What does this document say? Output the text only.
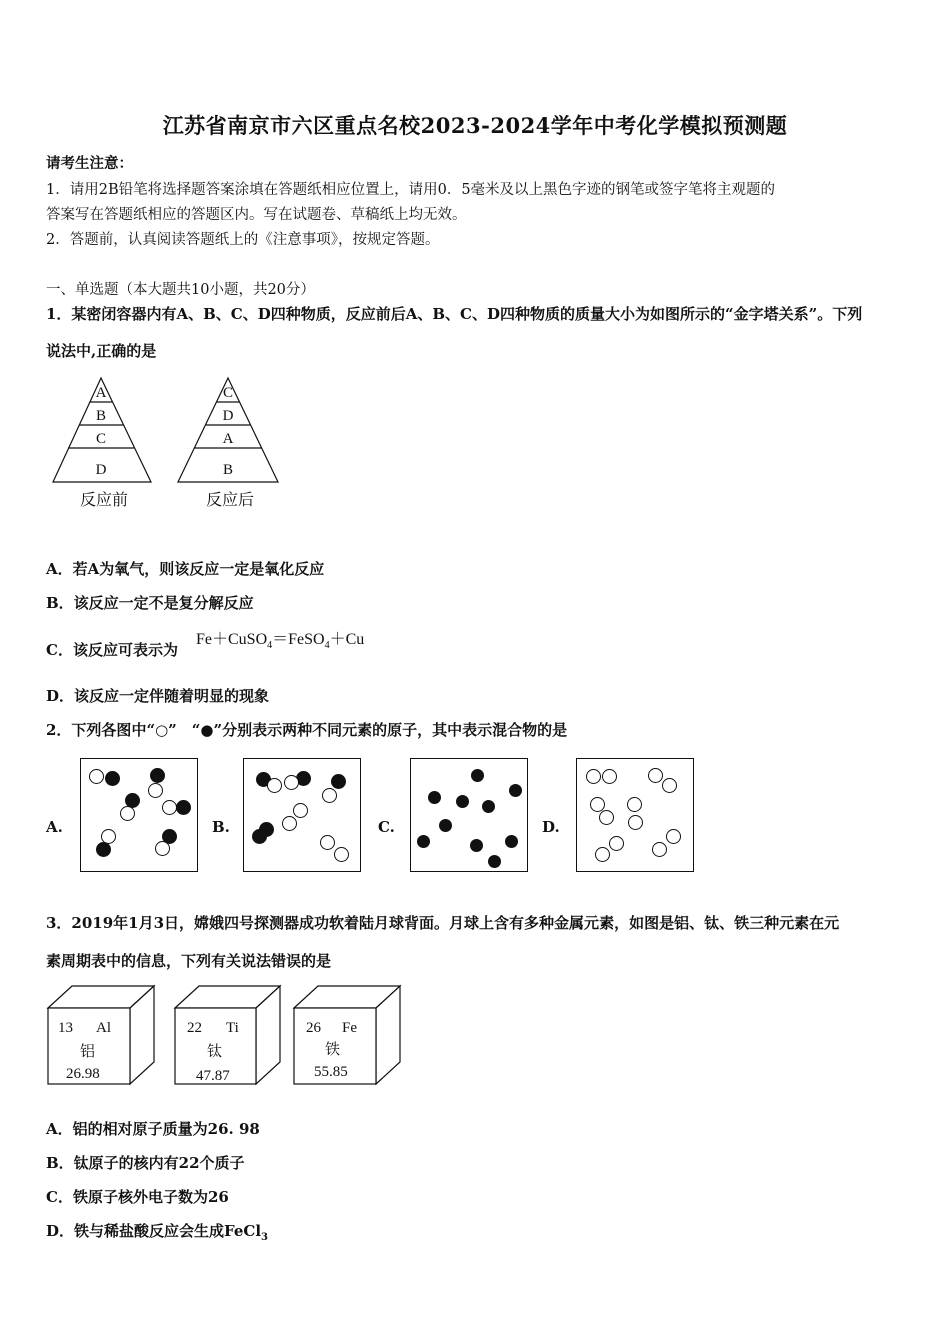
江苏省南京市六区重点名校2023-2024学年中考化学模拟预测题
请考生注意：
1．请用2B铅笔将选择题答案涂填在答题纸相应位置上，请用0．5毫米及以上黑色字迹的钢笔或签字笔将主观题的
答案写在答题纸相应的答题区内。写在试题卷、草稿纸上均无效。
2．答题前，认真阅读答题纸上的《注意事项》，按规定答题。
一、单选题（本大题共10小题，共20分）
1．某密闭容器内有A、B、C、D四种物质，反应前后A、B、C、D四种物质的质量大小为如图所示的“金字塔关系”。下列
说法中,正确的是
A
B
C
D
C
D
A
B
反应前	反应后
A．若A为氧气，则该反应一定是氧化反应
B．该反应一定不是复分解反应
C．该反应可表示为
Fe＋CuSO$_4$＝FeSO$_4$＋Cu
D．该反应一定伴随着明显的现象
2．下列各图中“○”　“●”分别表示两种不同元素的原子，其中表示混合物的是
A.	B.	C.	D.
3．2019年1月3日，嫦娥四号探测器成功软着陆月球背面。月球上含有多种金属元素，如图是铝、钛、铁三种元素在元
素周期表中的信息，下列有关说法错误的是
13 Al
铝
26.98
22 Ti
钛
47.87
26 Fe
铁
55.85
A．铝的相对原子质量为26. 98
B．钛原子的核内有22个质子
C．铁原子核外电子数为26
D．铁与稀盐酸反应会生成FeCl$_3$
